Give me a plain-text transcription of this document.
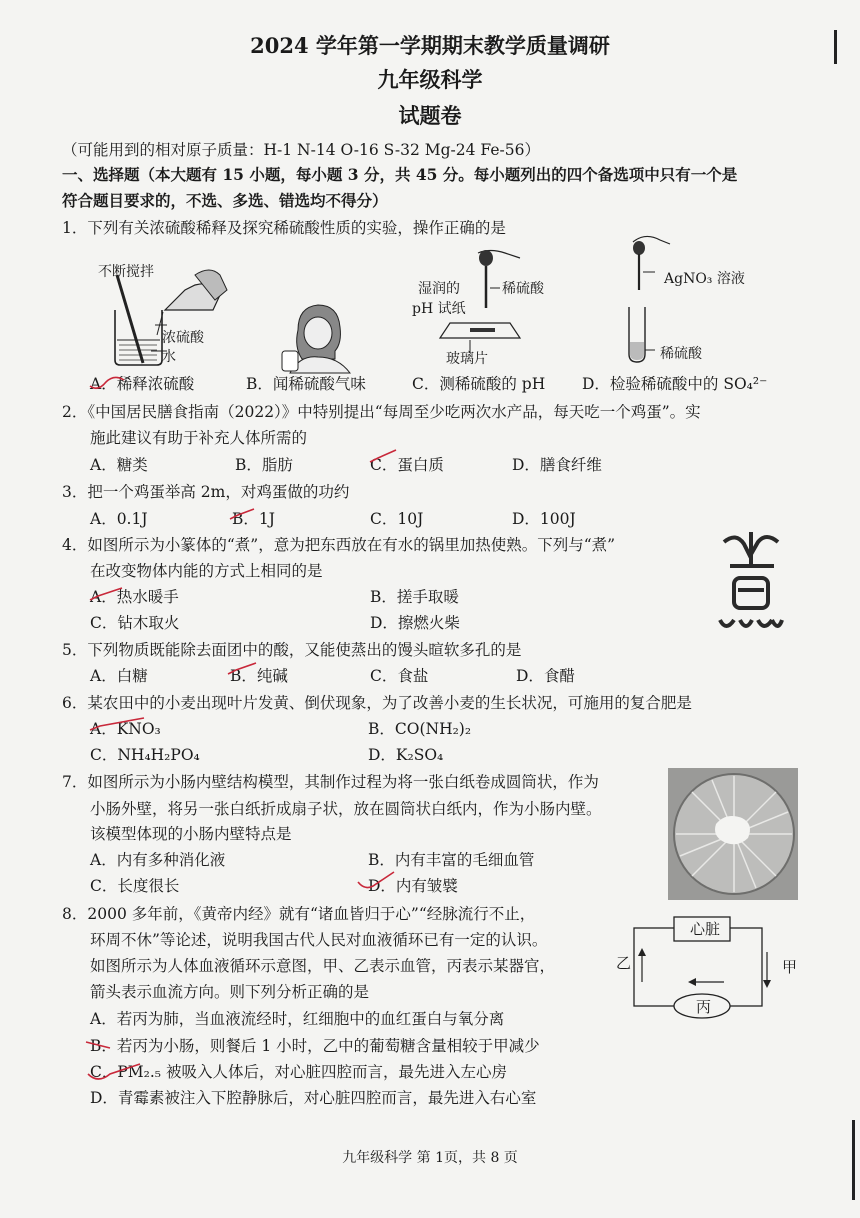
2024 学年第一学期期末教学质量调研
九年级科学
试题卷
（可能用到的相对原子质量：H-1 N-14 O-16 S-32 Mg-24 Fe-56）
一、选择题（本大题有 15 小题，每小题 3 分，共 45 分。每小题列出的四个备选项中只有一个是
符合题目要求的，不选、多选、错选均不得分）
1．下列有关浓硫酸稀释及探究稀硫酸性质的实验，操作正确的是
不断搅拌
浓硫酸
水
湿润的
pH 试纸
稀硫酸
玻璃片
AgNO₃ 溶液
稀硫酸
A．稀释浓硫酸	B．闻稀硫酸气味	C．测稀硫酸的 pH D．检验稀硫酸中的 SO₄²⁻
2．《中国居民膳食指南（2022）》中特别提出“每周至少吃两次水产品，每天吃一个鸡蛋”。实
施此建议有助于补充人体所需的
A．糖类	B．脂肪	C．蛋白质	D．膳食纤维
3．把一个鸡蛋举高 2m，对鸡蛋做的功约
A．0.1J	B．1J	C．10J	D．100J
4．如图所示为小篆体的“煮”，意为把东西放在有水的锅里加热使熟。下列与“煮”
在改变物体内能的方式上相同的是
A．热水暖手	B．搓手取暖
C．钻木取火	D．擦燃火柴
5．下列物质既能除去面团中的酸，又能使蒸出的馒头暄软多孔的是
A．白糖	B．纯碱	C．食盐	D．食醋
6．某农田中的小麦出现叶片发黄、倒伏现象，为了改善小麦的生长状况，可施用的复合肥是
A．KNO₃	B．CO(NH₂)₂
C．NH₄H₂PO₄	D．K₂SO₄
7．如图所示为小肠内壁结构模型，其制作过程为将一张白纸卷成圆筒状，作为
小肠外壁，将另一张白纸折成扇子状，放在圆筒状白纸内，作为小肠内壁。
该模型体现的小肠内壁特点是
A．内有多种消化液	B．内有丰富的毛细血管
C．长度很长	D．内有皱襞
8．2000 多年前，《黄帝内经》就有“诸血皆归于心”“经脉流行不止，
环周不休”等论述，说明我国古代人民对血液循环已有一定的认识。
如图所示为人体血液循环示意图，甲、乙表示血管，丙表示某器官，
箭头表示血流方向。则下列分析正确的是
心脏
丙
乙	甲
A．若丙为肺，当血液流经时，红细胞中的血红蛋白与氧分离
B．若丙为小肠，则餐后 1 小时，乙中的葡萄糖含量相较于甲减少
C．PM₂.₅ 被吸入人体后，对心脏四腔而言，最先进入左心房
D．青霉素被注入下腔静脉后，对心脏四腔而言，最先进入右心室
九年级科学 第 1页，共 8 页
